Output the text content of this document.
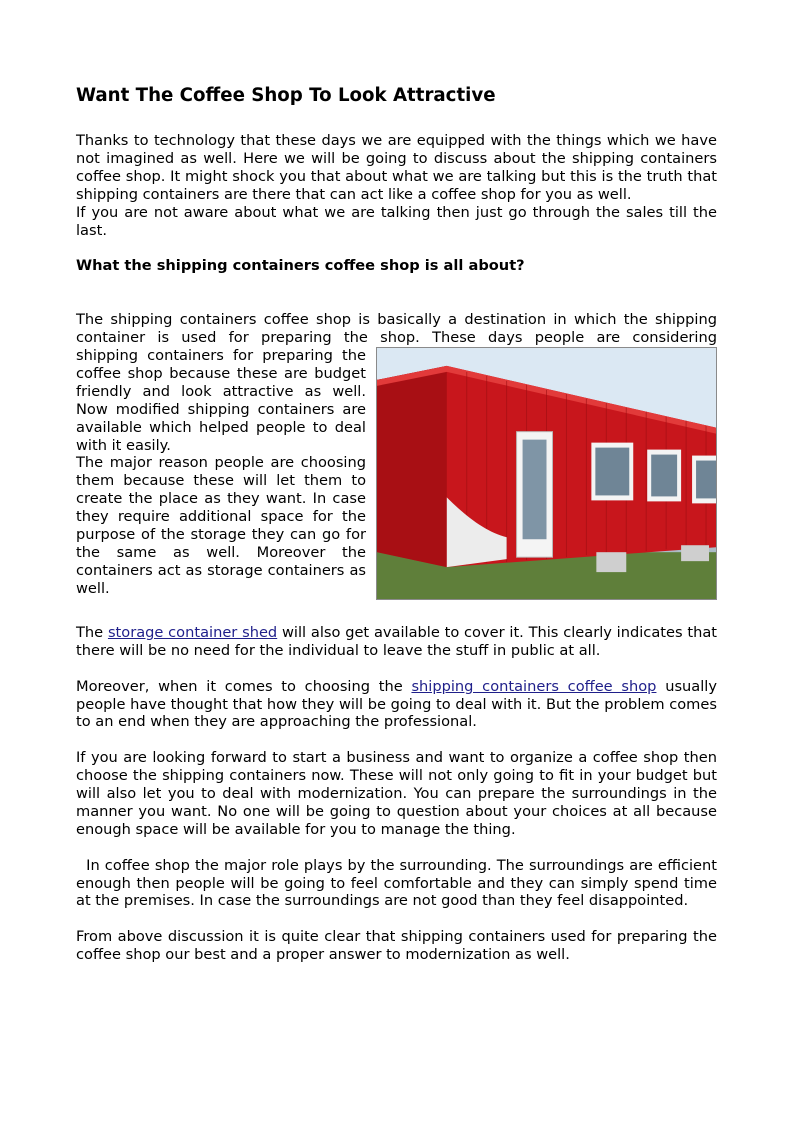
Want The Coffee Shop To Look Attractive

Thanks to technology that these days we are equipped with the things which we have not imagined as well. Here we will be going to discuss about the shipping containers coffee shop. It might shock you that about what we are talking but this is the truth that shipping containers are there that can act like a coffee shop for you as well.

If you are not aware about what we are talking then just go through the sales till the last.

What the shipping containers coffee shop is all about?

The shipping containers coffee shop is basically a destination in which the shipping container is used for preparing the shop. These days people are considering

shipping containers for preparing the coffee shop because these are budget friendly and look attractive as well. Now modified shipping containers are available which helped people to deal with it easily.

The major reason people are choosing them because these will let them to create the place as they want. In case they require additional space for the purpose of the storage they can go for the same as well. Moreover the containers act as storage containers as well.

The storage container shed will also get available to cover it. This clearly indicates that there will be no need for the individual to leave the stuff in public at all.

Moreover, when it comes to choosing the shipping containers coffee shop usually people have thought that how they will be going to deal with it. But the problem comes to an end when they are approaching the professional.

If you are looking forward to start a business and want to organize a coffee shop then choose the shipping containers now. These will not only going to fit in your budget but will also let you to deal with modernization. You can prepare the surroundings in the manner you want. No one will be going to question about your choices at all because enough space will be available for you to manage the thing.

In coffee shop the major role plays by the surrounding. The surroundings are efficient enough then people will be going to feel comfortable and they can simply spend time at the premises. In case the surroundings are not good than they feel disappointed.

From above discussion it is quite clear that shipping containers used for preparing the coffee shop our best and a proper answer to modernization as well.
